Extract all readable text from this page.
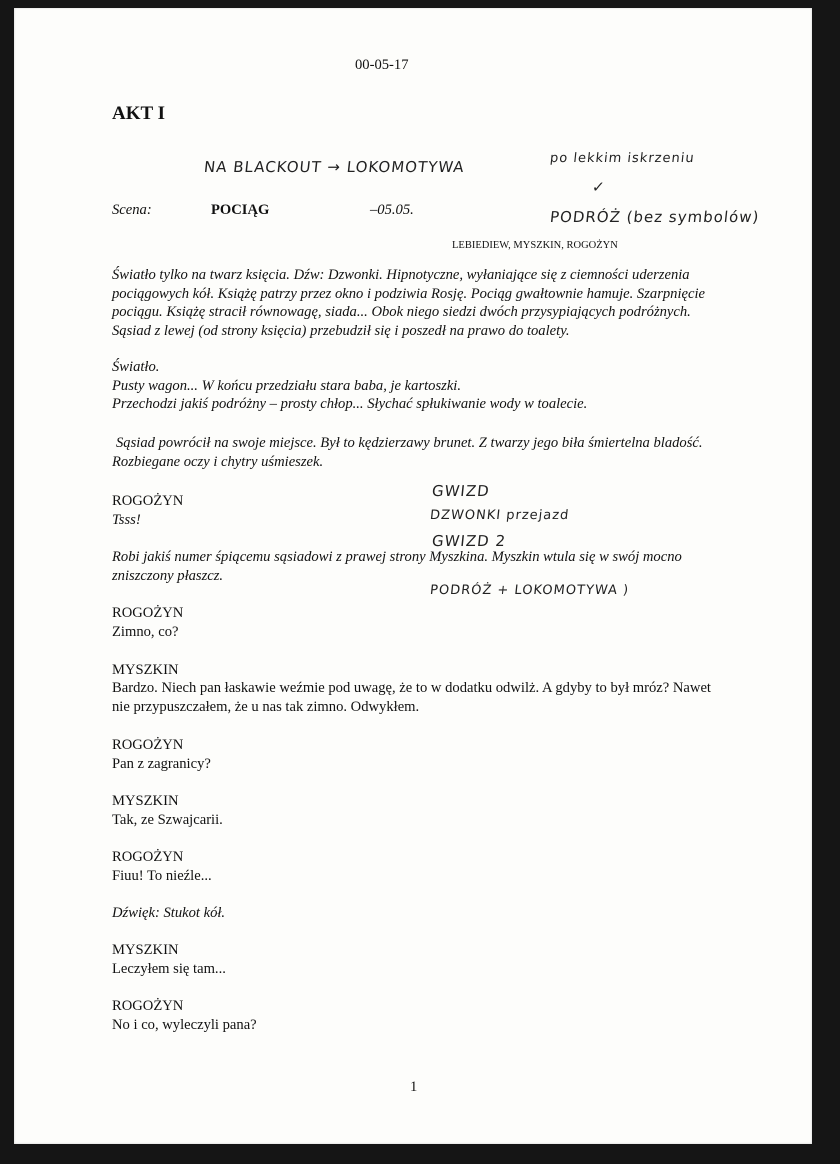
00-05-17
AKT I
NA BLACKOUT → LOKOMOTYWA	po lekkim iskrzeniu
✓
PODRÓŻ (bez symbolów)
Scena:	POCIĄG	–05.05.
LEBIEDIEW, MYSZKIN, ROGOŻYN
Światło tylko na twarz księcia. Dźw: Dzwonki. Hipnotyczne, wyłaniające się z ciemności uderzenia pociągowych kół. Książę patrzy przez okno i podziwia Rosję. Pociąg gwałtownie hamuje. Szarpnięcie pociągu. Książę stracił równowagę, siada... Obok niego siedzi dwóch przysypiających podróżnych. Sąsiad z lewej (od strony księcia) przebudził się i poszedł na prawo do toalety.
Światło.
Pusty wagon... W końcu przedziału stara baba, je kartoszki.
Przechodzi jakiś podróżny – prosty chłop... Słychać spłukiwanie wody w toalecie.
Sąsiad powrócił na swoje miejsce. Był to kędzierzawy brunet. Z twarzy jego biła śmiertelna bladość. Rozbiegane oczy i chytry uśmieszek.
GWIZD
DZWONKI przejazd
GWIZD 2
PODRÓŻ + LOKOMOTYWA )
ROGOŻYN
Tsss!
Robi jakiś numer śpiącemu sąsiadowi z prawej strony Myszkina. Myszkin wtula się w swój mocno zniszczony płaszcz.
ROGOŻYN
Zimno, co?
MYSZKIN
Bardzo. Niech pan łaskawie weźmie pod uwagę, że to w dodatku odwilż. A gdyby to był mróz? Nawet nie przypuszczałem, że u nas tak zimno. Odwykłem.
ROGOŻYN
Pan z zagranicy?
MYSZKIN
Tak, ze Szwajcarii.
ROGOŻYN
Fiuu! To nieźle...
Dźwięk: Stukot kół.
MYSZKIN
Leczyłem się tam...
ROGOŻYN
No i co, wyleczyli pana?
1
